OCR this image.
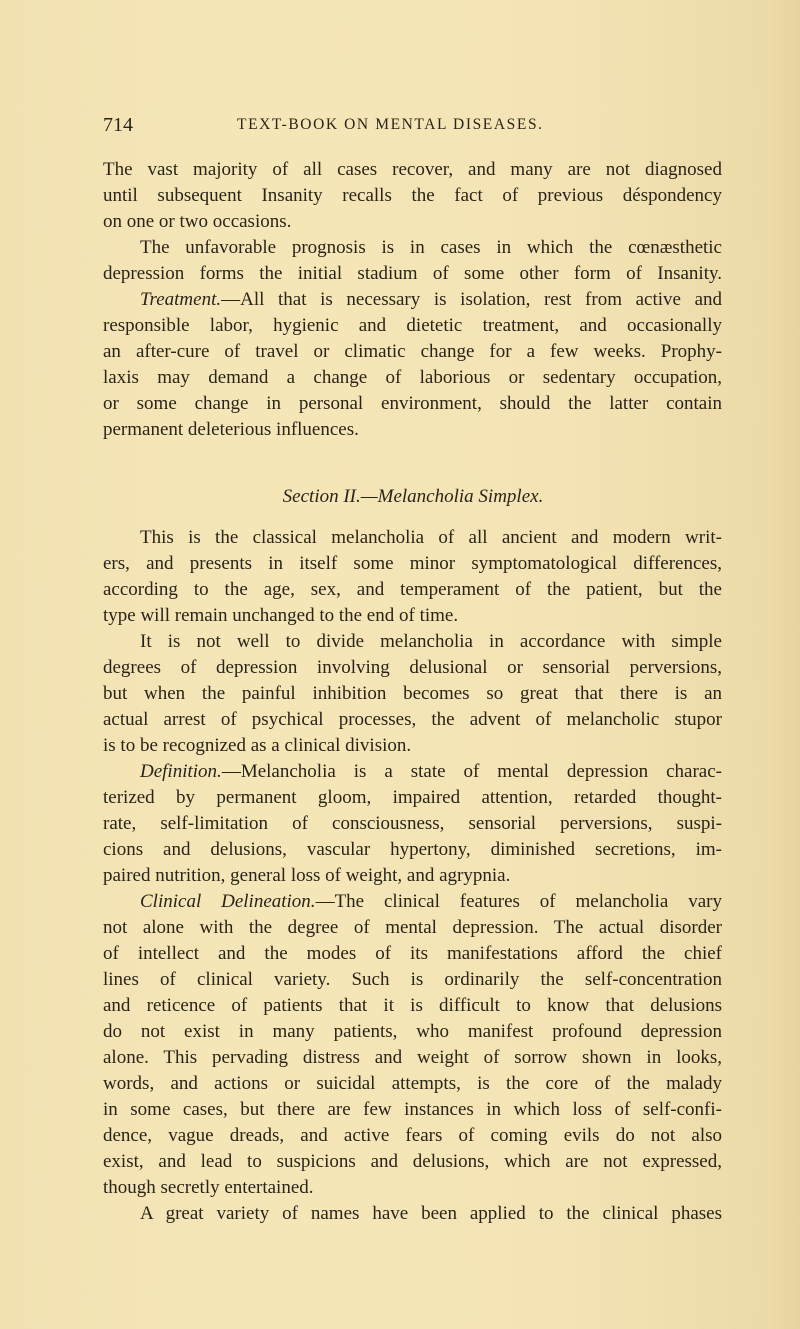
714	TEXT-BOOK ON MENTAL DISEASES.
The vast majority of all cases recover, and many are not diagnosed
until subsequent Insanity recalls the fact of previous déspondency
on one or two occasions.
The unfavorable prognosis is in cases in which the cœnæsthetic
depression forms the initial stadium of some other form of Insanity.
Treatment.—All that is necessary is isolation, rest from active and
responsible labor, hygienic and dietetic treatment, and occasionally
an after-cure of travel or climatic change for a few weeks. Prophy-
laxis may demand a change of laborious or sedentary occupation,
or some change in personal environment, should the latter contain
permanent deleterious influences.
Section II.—Melancholia Simplex.
This is the classical melancholia of all ancient and modern writ-
ers, and presents in itself some minor symptomatological differences,
according to the age, sex, and temperament of the patient, but the
type will remain unchanged to the end of time.
It is not well to divide melancholia in accordance with simple
degrees of depression involving delusional or sensorial perversions,
but when the painful inhibition becomes so great that there is an
actual arrest of psychical processes, the advent of melancholic stupor
is to be recognized as a clinical division.
Definition.—Melancholia is a state of mental depression charac-
terized by permanent gloom, impaired attention, retarded thought-
rate, self-limitation of consciousness, sensorial perversions, suspi-
cions and delusions, vascular hypertony, diminished secretions, im-
paired nutrition, general loss of weight, and agrypnia.
Clinical Delineation.—The clinical features of melancholia vary
not alone with the degree of mental depression. The actual disorder
of intellect and the modes of its manifestations afford the chief
lines of clinical variety. Such is ordinarily the self-concentration
and reticence of patients that it is difficult to know that delusions
do not exist in many patients, who manifest profound depression
alone. This pervading distress and weight of sorrow shown in looks,
words, and actions or suicidal attempts, is the core of the malady
in some cases, but there are few instances in which loss of self-confi-
dence, vague dreads, and active fears of coming evils do not also
exist, and lead to suspicions and delusions, which are not expressed,
though secretly entertained.
A great variety of names have been applied to the clinical phases
